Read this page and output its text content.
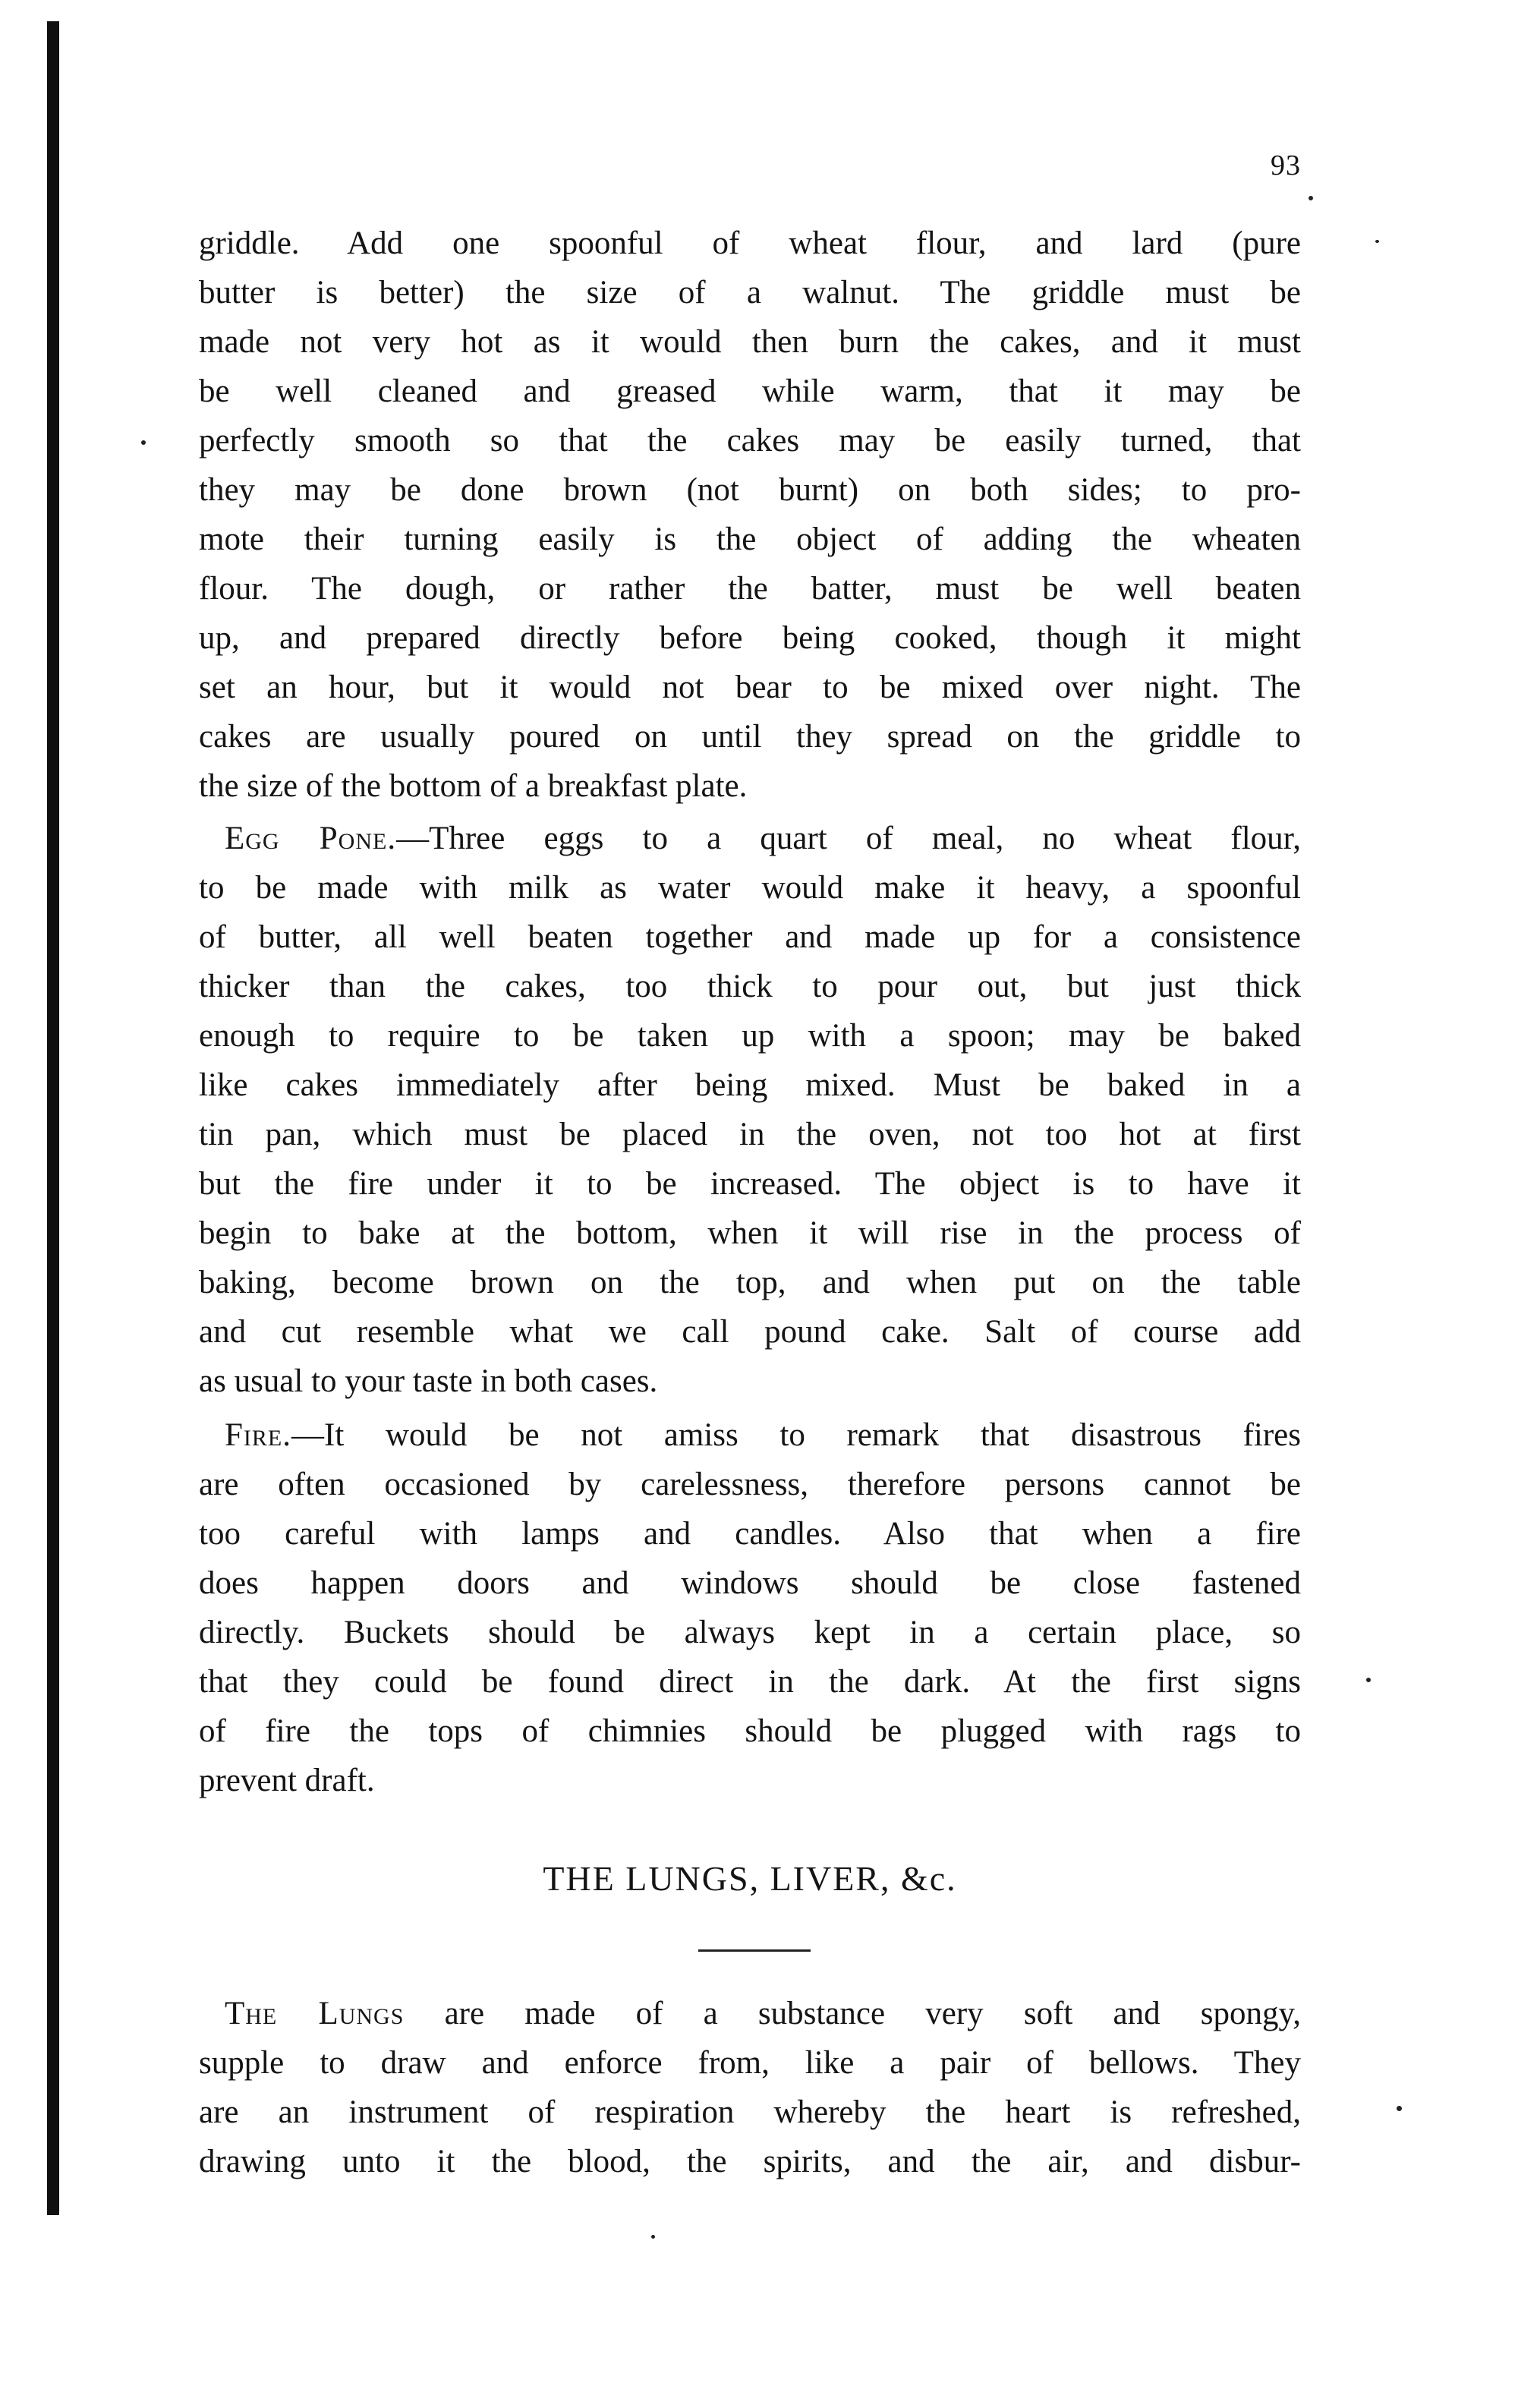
93
griddle. Add one spoonful of wheat flour, and lard (pure
butter is better) the size of a walnut. The griddle must be
made not very hot as it would then burn the cakes, and it must
be well cleaned and greased while warm, that it may be
perfectly smooth so that the cakes may be easily turned, that
they may be done brown (not burnt) on both sides; to pro-
mote their turning easily is the object of adding the wheaten
flour. The dough, or rather the batter, must be well beaten
up, and prepared directly before being cooked, though it might
set an hour, but it would not bear to be mixed over night. The
cakes are usually poured on until they spread on the griddle to
the size of the bottom of a breakfast plate.
Egg Pone.—Three eggs to a quart of meal, no wheat flour,
to be made with milk as water would make it heavy, a spoonful
of butter, all well beaten together and made up for a consistence
thicker than the cakes, too thick to pour out, but just thick
enough to require to be taken up with a spoon; may be baked
like cakes immediately after being mixed. Must be baked in a
tin pan, which must be placed in the oven, not too hot at first
but the fire under it to be increased. The object is to have it
begin to bake at the bottom, when it will rise in the process of
baking, become brown on the top, and when put on the table
and cut resemble what we call pound cake. Salt of course add
as usual to your taste in both cases.
Fire.—It would be not amiss to remark that disastrous fires
are often occasioned by carelessness, therefore persons cannot be
too careful with lamps and candles. Also that when a fire
does happen doors and windows should be close fastened
directly. Buckets should be always kept in a certain place, so
that they could be found direct in the dark. At the first signs
of fire the tops of chimnies should be plugged with rags to
prevent draft.
THE LUNGS, LIVER, &c.
The Lungs are made of a substance very soft and spongy,
supple to draw and enforce from, like a pair of bellows. They
are an instrument of respiration whereby the heart is refreshed,
drawing unto it the blood, the spirits, and the air, and disbur-
